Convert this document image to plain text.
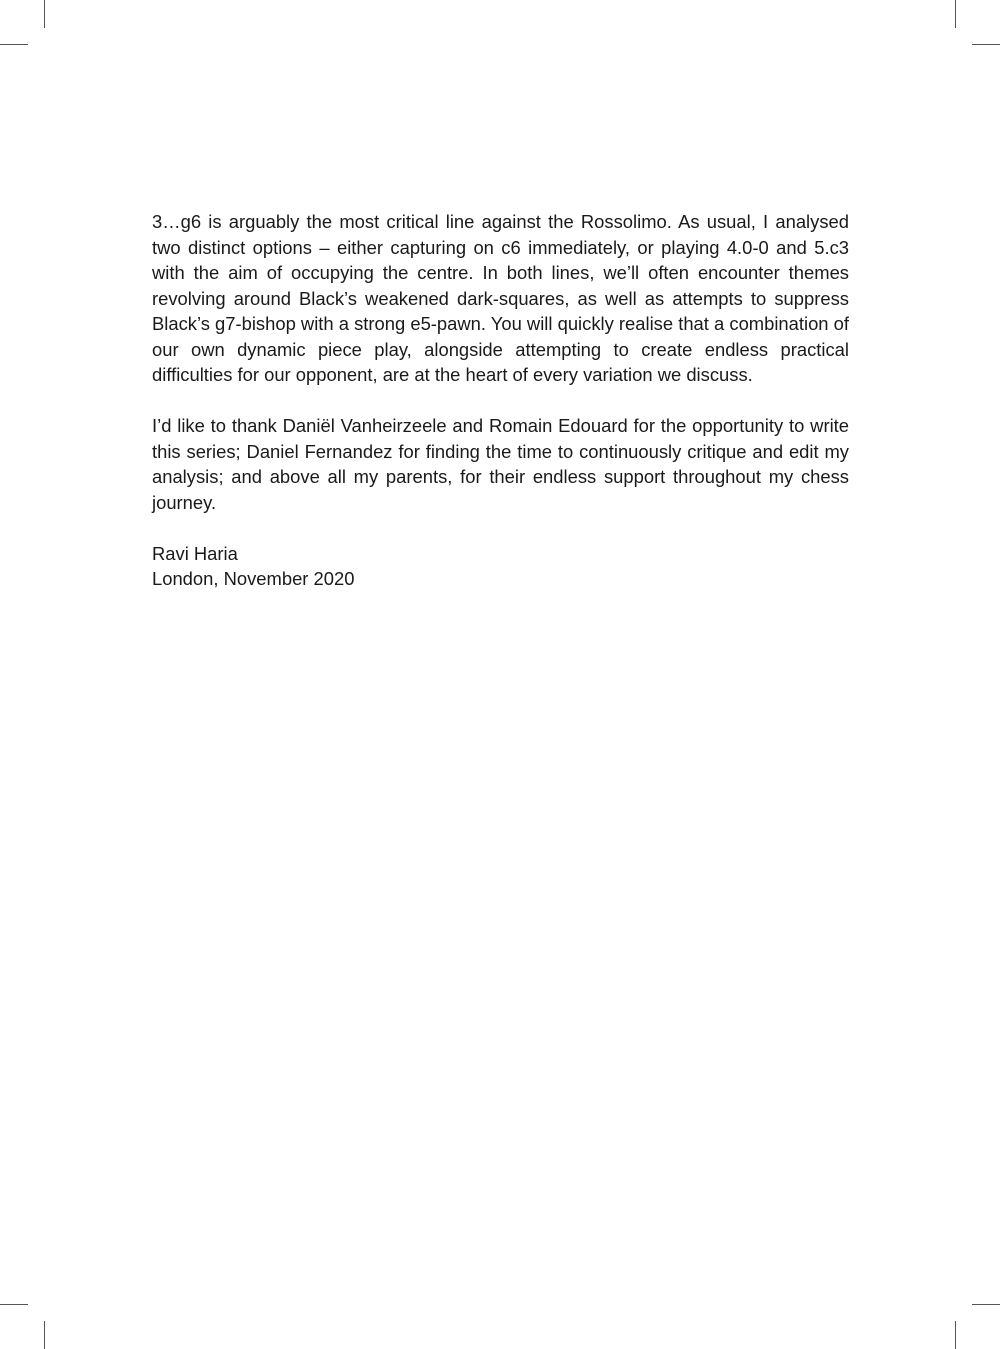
3…g6 is arguably the most critical line against the Rossolimo. As usual, I analysed two distinct options – either capturing on c6 immediately, or playing 4.0-0 and 5.c3 with the aim of occupying the centre. In both lines, we’ll often encounter themes revolving around Black’s weakened dark-squares, as well as attempts to suppress Black’s g7-bishop with a strong e5-pawn. You will quickly realise that a combination of our own dynamic piece play, alongside attempting to create endless practical difficulties for our opponent, are at the heart of every variation we discuss.

I’d like to thank Daniël Vanheirzeele and Romain Edouard for the opportunity to write this series; Daniel Fernandez for finding the time to continuously critique and edit my analysis; and above all my parents, for their endless support throughout my chess journey.

Ravi Haria
London, November 2020
